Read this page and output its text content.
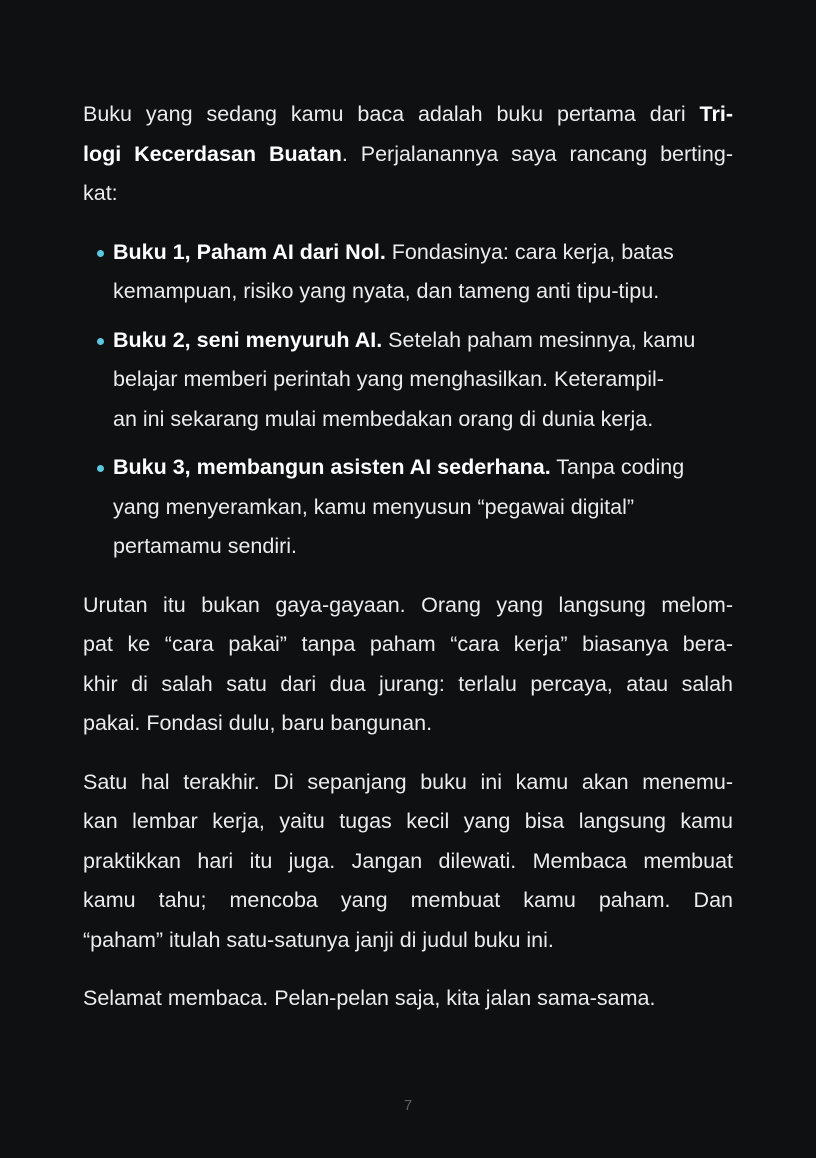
Buku yang sedang kamu baca adalah buku pertama dari Tri-
logi Kecerdasan Buatan. Perjalanannya saya rancang berting-
kat:
Buku 1, Paham AI dari Nol. Fondasinya: cara kerja, batas
kemampuan, risiko yang nyata, dan tameng anti tipu-tipu.
Buku 2, seni menyuruh AI. Setelah paham mesinnya, kamu
belajar memberi perintah yang menghasilkan. Keterampil-
an ini sekarang mulai membedakan orang di dunia kerja.
Buku 3, membangun asisten AI sederhana. Tanpa coding
yang menyeramkan, kamu menyusun “pegawai digital”
pertamamu sendiri.
Urutan itu bukan gaya-gayaan. Orang yang langsung melom-
pat ke “cara pakai” tanpa paham “cara kerja” biasanya bera-
khir di salah satu dari dua jurang: terlalu percaya, atau salah
pakai. Fondasi dulu, baru bangunan.
Satu hal terakhir. Di sepanjang buku ini kamu akan menemu-
kan lembar kerja, yaitu tugas kecil yang bisa langsung kamu
praktikkan hari itu juga. Jangan dilewati. Membaca membuat
kamu tahu; mencoba yang membuat kamu paham. Dan
“paham” itulah satu-satunya janji di judul buku ini.
Selamat membaca. Pelan-pelan saja, kita jalan sama-sama.
7
